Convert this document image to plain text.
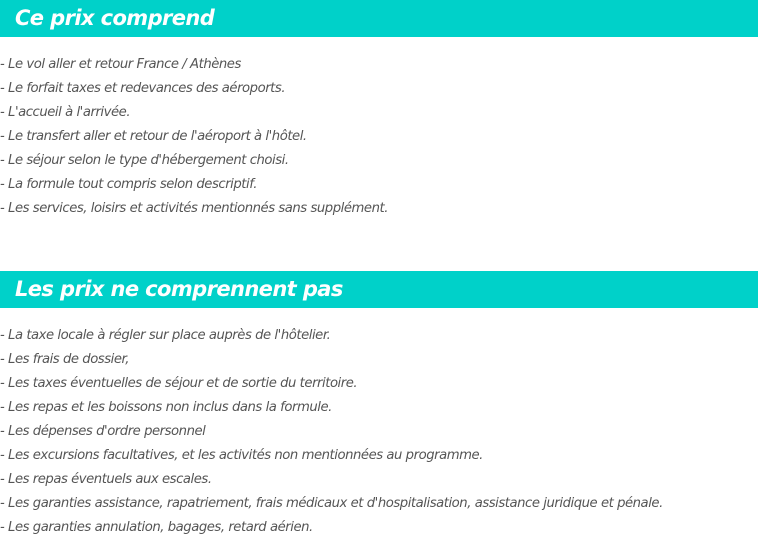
Ce prix comprend
- Le vol aller et retour France / Athènes
- Le forfait taxes et redevances des aéroports.
- L'accueil à l'arrivée.
- Le transfert aller et retour de l'aéroport à l'hôtel.
- Le séjour selon le type d'hébergement choisi.
- La formule tout compris selon descriptif.
- Les services, loisirs et activités mentionnés sans supplément.
Les prix ne comprennent pas
- La taxe locale à régler sur place auprès de l'hôtelier.
- Les frais de dossier,
- Les taxes éventuelles de séjour et de sortie du territoire.
- Les repas et les boissons non inclus dans la formule.
- Les dépenses d'ordre personnel
- Les excursions facultatives, et les activités non mentionnées au programme.
- Les repas éventuels aux escales.
- Les garanties assistance, rapatriement, frais médicaux et d'hospitalisation, assistance juridique et pénale.
- Les garanties annulation, bagages, retard aérien.
